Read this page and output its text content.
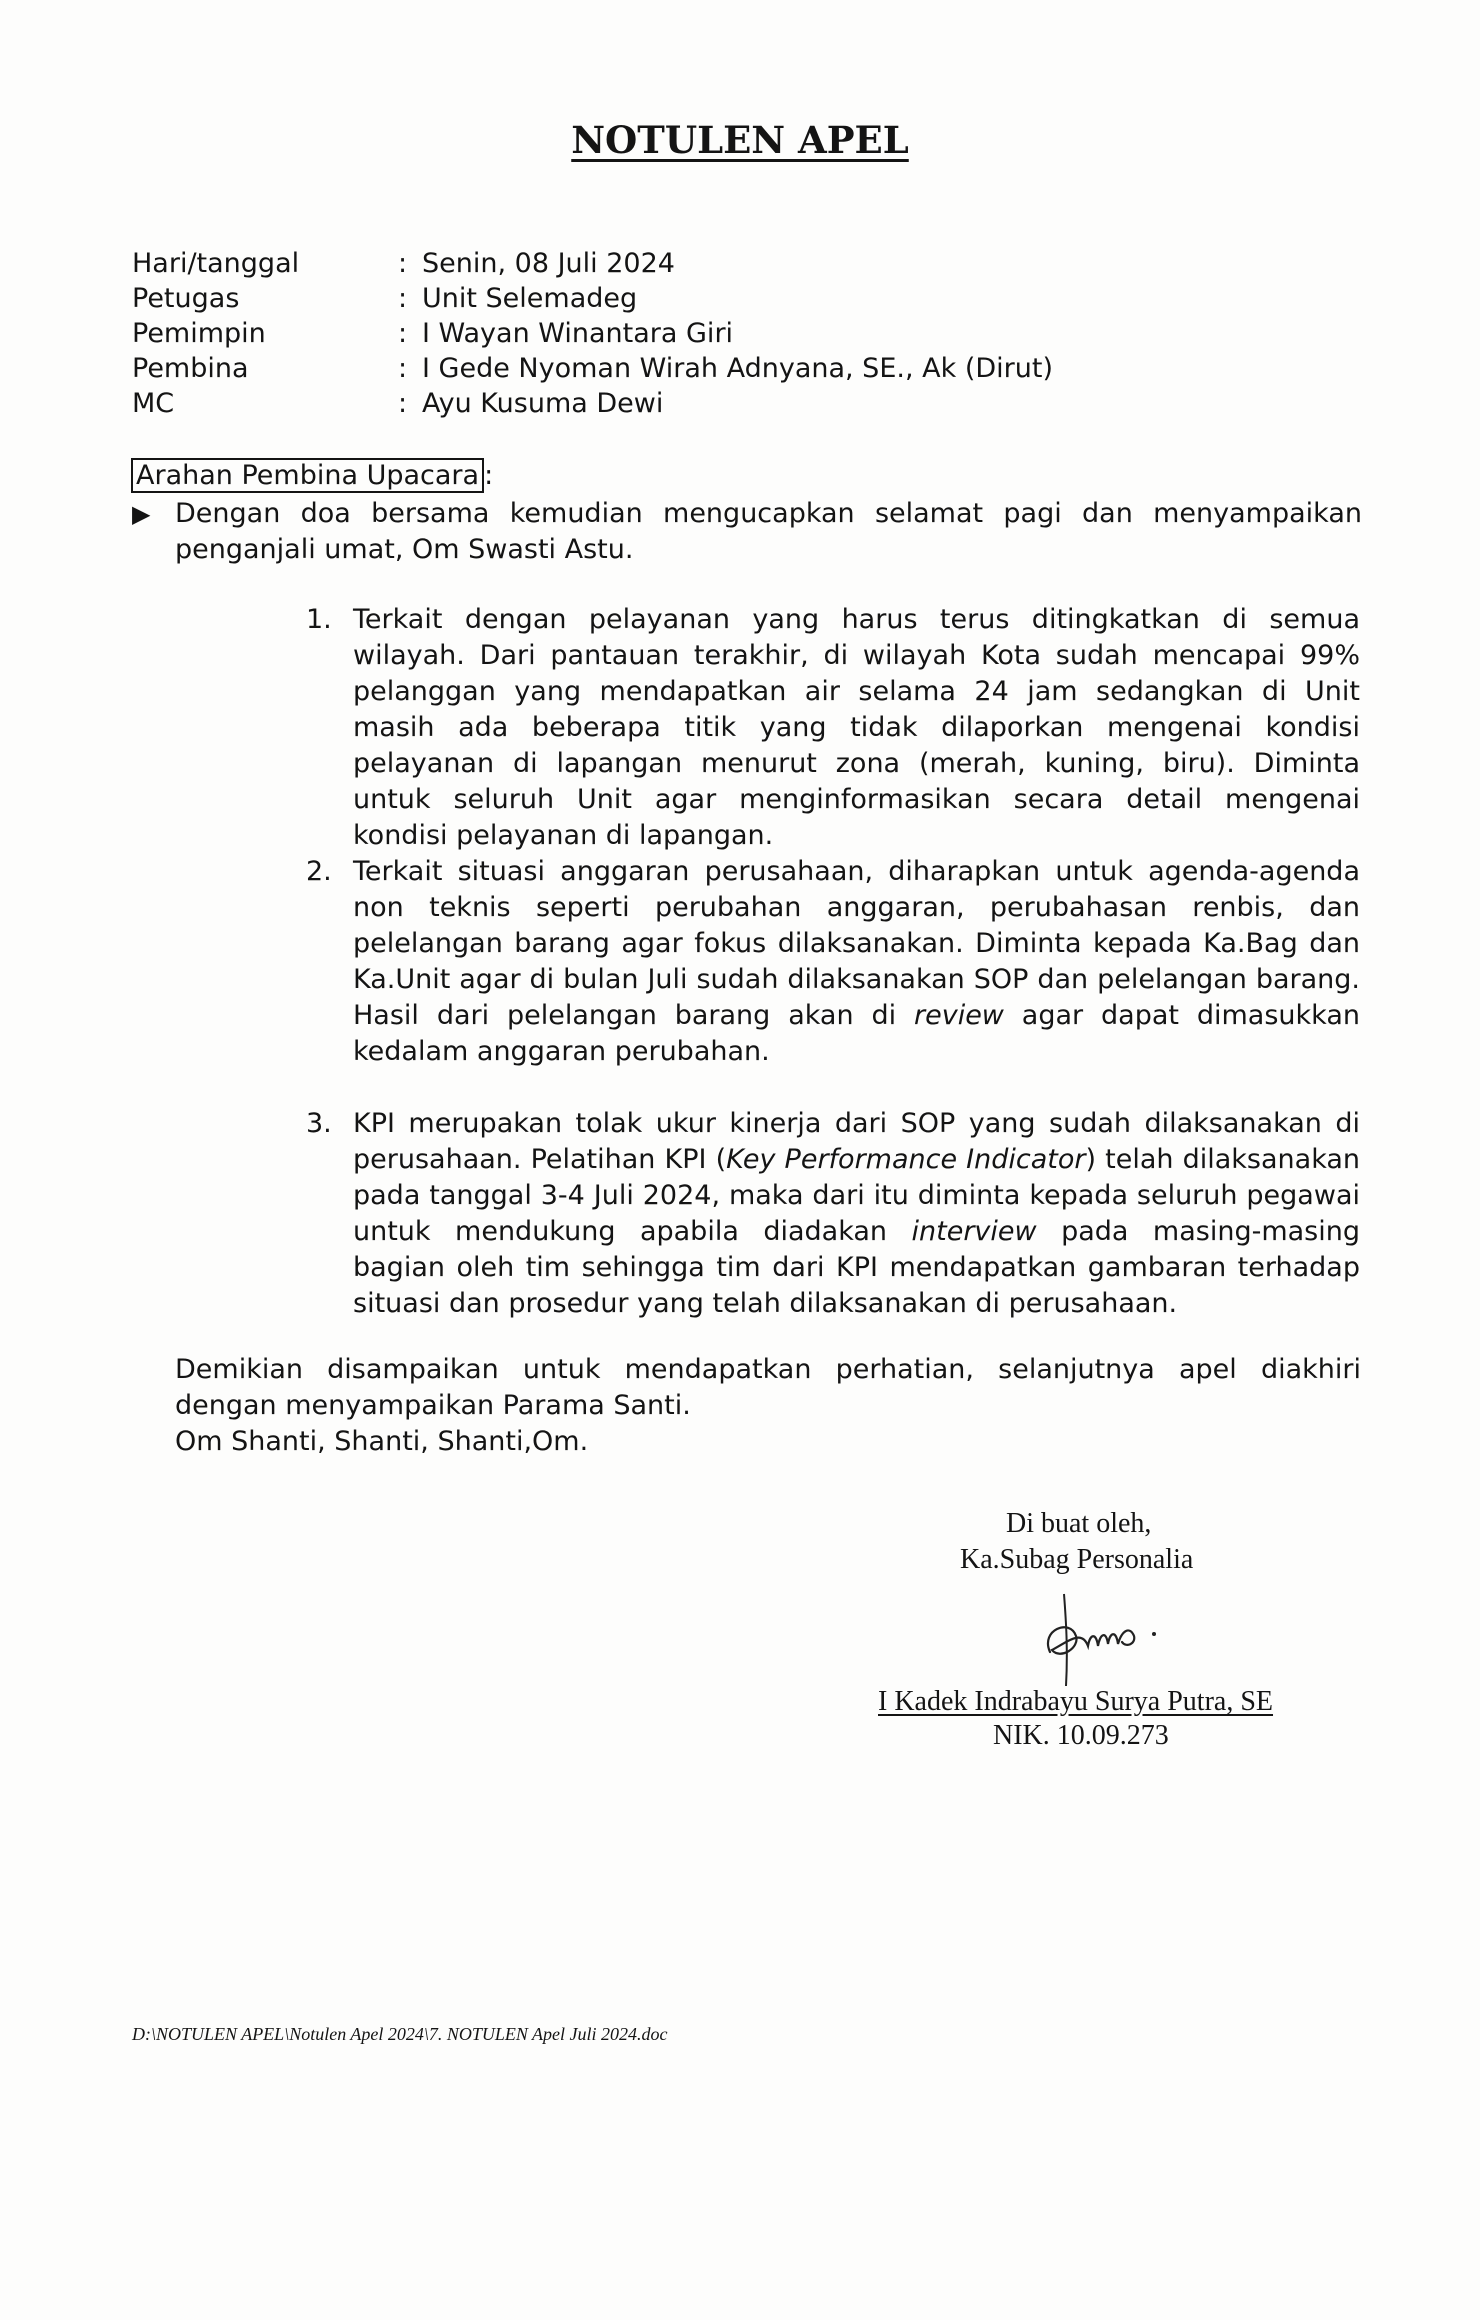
NOTULEN APEL
Hari/tanggal	: Senin, 08 Juli 2024
Petugas	: Unit Selemadeg
Pemimpin	: I Wayan Winantara Giri
Pembina	: I Gede Nyoman Wirah Adnyana, SE., Ak (Dirut)
MC	: Ayu Kusuma Dewi
Arahan Pembina Upacara :
▶ Dengan doa bersama kemudian mengucapkan selamat pagi dan menyampaikan penganjali umat, Om Swasti Astu.
1. Terkait dengan pelayanan yang harus terus ditingkatkan di semua wilayah. Dari pantauan terakhir, di wilayah Kota sudah mencapai 99% pelanggan yang mendapatkan air selama 24 jam sedangkan di Unit masih ada beberapa titik yang tidak dilaporkan mengenai kondisi pelayanan di lapangan menurut zona (merah, kuning, biru). Diminta untuk seluruh Unit agar menginformasikan secara detail mengenai kondisi pelayanan di lapangan.
2. Terkait situasi anggaran perusahaan, diharapkan untuk agenda-agenda non teknis seperti perubahan anggaran, perubahasan renbis, dan pelelangan barang agar fokus dilaksanakan. Diminta kepada Ka.Bag dan Ka.Unit agar di bulan Juli sudah dilaksanakan SOP dan pelelangan barang. Hasil dari pelelangan barang akan di review agar dapat dimasukkan kedalam anggaran perubahan.
3. KPI merupakan tolak ukur kinerja dari SOP yang sudah dilaksanakan di perusahaan. Pelatihan KPI (Key Performance Indicator) telah dilaksanakan pada tanggal 3-4 Juli 2024, maka dari itu diminta kepada seluruh pegawai untuk mendukung apabila diadakan interview pada masing-masing bagian oleh tim sehingga tim dari KPI mendapatkan gambaran terhadap situasi dan prosedur yang telah dilaksanakan di perusahaan.
Demikian disampaikan untuk mendapatkan perhatian, selanjutnya apel diakhiri dengan menyampaikan Parama Santi.
Om Shanti, Shanti, Shanti,Om.
Di buat oleh,
Ka.Subag Personalia
I Kadek Indrabayu Surya Putra, SE
NIK. 10.09.273
D:\NOTULEN APEL\Notulen Apel 2024\7. NOTULEN Apel Juli 2024.doc
